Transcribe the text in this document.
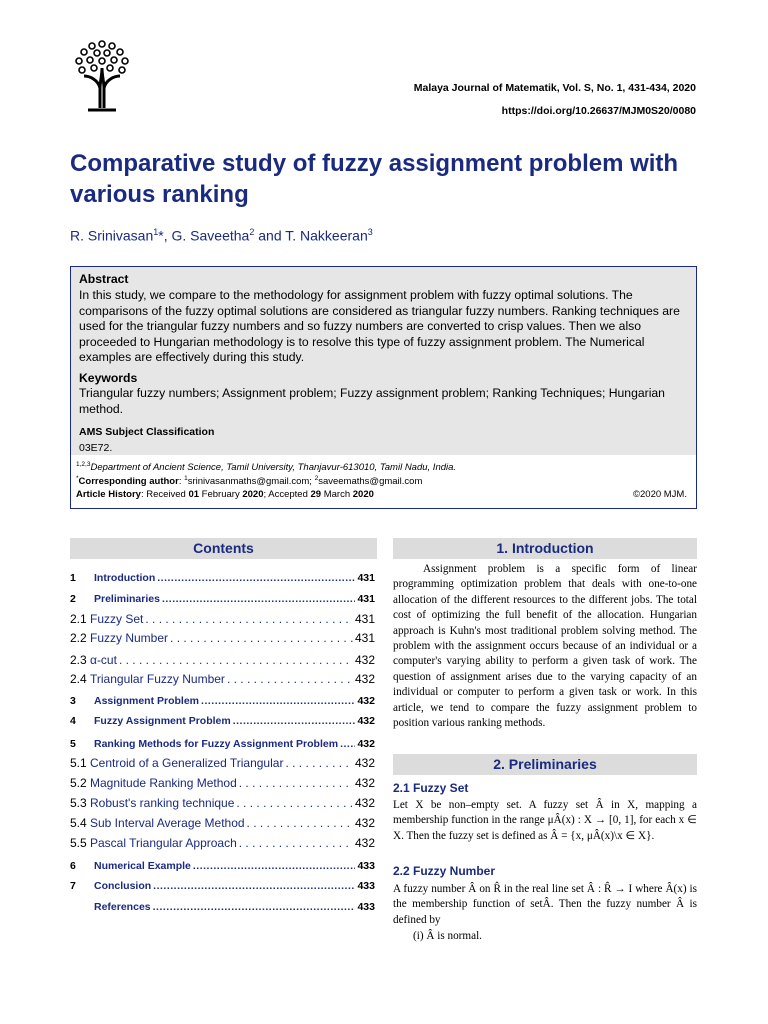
Malaya Journal of Matematik, Vol. S, No. 1, 431-434, 2020
https://doi.org/10.26637/MJM0S20/0080
Comparative study of fuzzy assignment problem with various ranking
R. Srinivasan$^1$*, G. Saveetha$^2$ and T. Nakkeeran$^3$
Abstract
In this study, we compare to the methodology for assignment problem with fuzzy optimal solutions. The comparisons of the fuzzy optimal solutions are considered as triangular fuzzy numbers. Ranking techniques are used for the triangular fuzzy numbers and so fuzzy numbers are converted to crisp values. Then we also proceeded to Hungarian methodology is to resolve this type of fuzzy assignment problem. The Numerical examples are effectively during this study.
Keywords
Triangular fuzzy numbers; Assignment problem; Fuzzy assignment problem; Ranking Techniques; Hungarian method.
AMS Subject Classification
03E72.
$^{1,2,3}$Department of Ancient Science, Tamil University, Thanjavur-613010, Tamil Nadu, India.
*Corresponding author: $^1$srinivasanmaths@gmail.com; $^2$saveemaths@gmail.com
Article History: Received 01 February 2020; Accepted 29 March 2020	©2020 MJM.
Contents
1	Introduction .....	431
2	Preliminaries .....	431
2.1 Fuzzy Set . . .	431
2.2 Fuzzy Number . . .	431
2.3 α-cut . . .	432
2.4 Triangular Fuzzy Number . . .	432
3	Assignment Problem .....	432
4	Fuzzy Assignment Problem .....	432
5	Ranking Methods for Fuzzy Assignment Problem ..... 432
5.1 Centroid of a Generalized Triangular . . .	432
5.2 Magnitude Ranking Method . . .	432
5.3 Robust's ranking technique . . .	432
5.4 Sub Interval Average Method . . .	432
5.5 Pascal Triangular Approach . . .	432
6	Numerical Example .....	433
7	Conclusion .....	433
References .....	433
1. Introduction
Assignment problem is a specific form of linear programming optimization problem that deals with one-to-one allocation of the different resources to the different jobs. The total cost of optimizing the full benefit of the allocation. Hungarian approach is Kuhn's most traditional problem solving method. The problem with the assignment occurs because of an individual or a computer's varying ability to perform a given task of work. The question of assignment arises due to the varying capacity of an individual or computer to perform a given task or work. In this article, we tend to compare the fuzzy assignment problem to position various ranking methods.
2. Preliminaries
2.1 Fuzzy Set
Let X be non–empty set. A fuzzy set Â in X, mapping a membership function in the range μÂ(x) : X → [0, 1], for each x ∈ X. Then the fuzzy set is defined as Â = {x, μÂ(x)\x ∈ X}.
2.2 Fuzzy Number
A fuzzy number Â on R̂ in the real line set Â : R̂ → I where Â(x) is the membership function of setÂ. Then the fuzzy number Â is defined by
(i) Â is normal.
